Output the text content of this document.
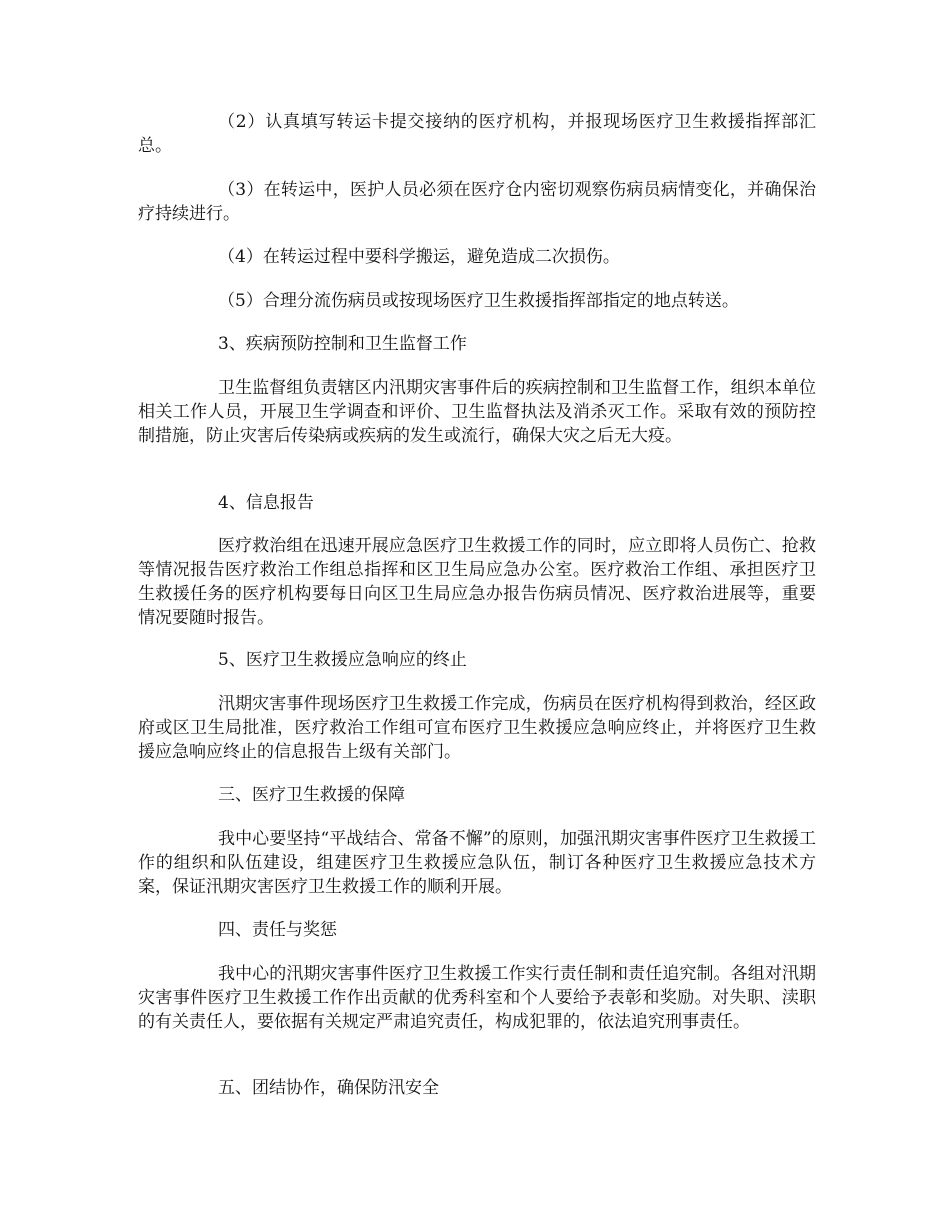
（2）认真填写转运卡提交接纳的医疗机构，并报现场医疗卫生救援指挥部汇总。

（3）在转运中，医护人员必须在医疗仓内密切观察伤病员病情变化，并确保治疗持续进行。

（4）在转运过程中要科学搬运，避免造成二次损伤。

（5）合理分流伤病员或按现场医疗卫生救援指挥部指定的地点转送。

3、疾病预防控制和卫生监督工作

卫生监督组负责辖区内汛期灾害事件后的疾病控制和卫生监督工作，组织本单位相关工作人员，开展卫生学调查和评价、卫生监督执法及消杀灭工作。采取有效的预防控制措施，防止灾害后传染病或疾病的发生或流行，确保大灾之后无大疫。

4、信息报告

医疗救治组在迅速开展应急医疗卫生救援工作的同时，应立即将人员伤亡、抢救等情况报告医疗救治工作组总指挥和区卫生局应急办公室。医疗救治工作组、承担医疗卫生救援任务的医疗机构要每日向区卫生局应急办报告伤病员情况、医疗救治进展等，重要情况要随时报告。

5、医疗卫生救援应急响应的终止

汛期灾害事件现场医疗卫生救援工作完成，伤病员在医疗机构得到救治，经区政府或区卫生局批准，医疗救治工作组可宣布医疗卫生救援应急响应终止，并将医疗卫生救援应急响应终止的信息报告上级有关部门。

三、医疗卫生救援的保障

我中心要坚持“平战结合、常备不懈”的原则，加强汛期灾害事件医疗卫生救援工作的组织和队伍建设，组建医疗卫生救援应急队伍，制订各种医疗卫生救援应急技术方案，保证汛期灾害医疗卫生救援工作的顺利开展。

四、责任与奖惩

我中心的汛期灾害事件医疗卫生救援工作实行责任制和责任追究制。各组对汛期灾害事件医疗卫生救援工作作出贡献的优秀科室和个人要给予表彰和奖励。对失职、渎职的有关责任人，要依据有关规定严肃追究责任，构成犯罪的，依法追究刑事责任。

五、团结协作，确保防汛安全
